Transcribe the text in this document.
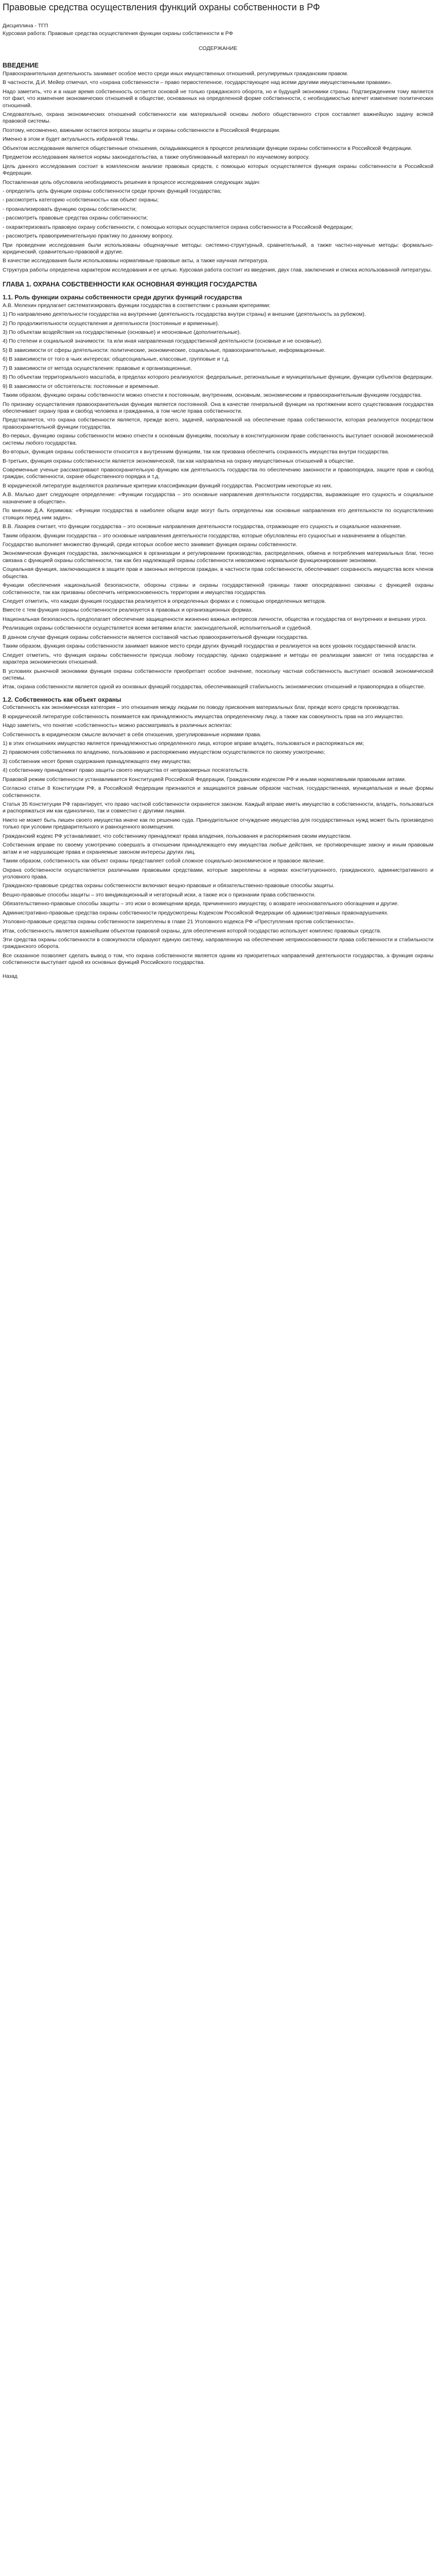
Правовые средства осуществления функций охраны собственности в РФ
Дисциплина - ТГП
Курсовая работа: Правовые средства осуществления функции охраны собственности в РФ
СОДЕРЖАНИЕ
ВВЕДЕНИЕ

Правоохранительная деятельность занимает особое место среди иных имущественных отношений, регулируемых гражданским правом.

В частности, Д.И. Мейер отмечал, что «охрана собственности – право первостепенное, государствующее над всеми другими имущественными правами».

Надо заметить, что и в наше время собственность остается основой не только гражданского оборота, но и будущей экономики страны. Подтверждением тому является тот факт, что изменение экономических отношений в обществе, основанных на определенной форме собственности, с необходимостью влечет изменение политических отношений.

Следовательно, охрана экономических отношений собственности как материальной основы любого общественного строя составляет важнейшую задачу всякой правовой системы.

Поэтому, несомненно, важными остаются вопросы защиты и охраны собственности в Российской Федерации.

Именно в этом и будет актуальность избранной темы.

Объектом исследования является общественные отношения, складывающиеся в процессе реализации функции охраны собственности в Российской Федерации.

Предметом исследования является нормы законодательства, а также опубликованный материал по изучаемому вопросу.

Цель данного исследования состоит в комплексном анализе правовых средств, с помощью которых осуществляется функция охраны собственности в Российской Федерации.

Поставленная цель обусловила необходимость решения в процессе исследования следующих задач:

- определить цель функции охраны собственности среди прочих функций государства;

- рассмотреть категорию «собственность» как объект охраны;

- проанализировать функцию охраны собственности;

- рассмотреть правовые средства охраны собственности;

- охарактеризовать правовую охрану собственности, с помощью которых осуществляется охрана собственности в Российской Федерации;

- рассмотреть правоприменительную практику по данному вопросу.

При проведении исследования были использованы общенаучные методы: системно-структурный, сравнительный, а также частно-научные методы: формально-юридический, сравнительно-правовой и другие.

В качестве исследования были использованы нормативные правовые акты, а также научная литература.

Структура работы определена характером исследования и ее целью. Курсовая работа состоит из введения, двух глав, заключения и списка использованной литературы.

ГЛАВА 1. ОХРАНА СОБСТВЕННОСТИ КАК ОСНОВНАЯ ФУНКЦИЯ ГОСУДАРСТВА
1.1. Роль функции охраны собственности среди других функций государства

А.В. Мелехин предлагает систематизировать функции государства в соответствии с разными критериями:

1) По направлению деятельности государства на внутренние (деятельность государства внутри страны) и внешние (деятельность за рубежом).

2) По продолжительности осуществления и деятельности (постоянные и временные).

3) По объектам воздействия на государственные (основные) и неосновные (дополнительные).

4) По степени и социальной значимости: та или иная направленная государственной деятельности (основные и не основные).

5) В зависимости от сферы деятельности: политические, экономические, социальные, правоохранительные, информационные.

6) В зависимости от того в чьих интересах: общесоциальные, классовые, групповые и т.д.

7) В зависимости от метода осуществления: правовые и организационные.

8) По объектам территориального масштаба, в пределах которого реализуются: федеральные, региональные и муниципальные функции, функции субъектов федерации.

9) В зависимости от обстоятельств: постоянные и временные.

Таким образом, функцию охраны собственности можно отнести к постоянным, внутренним, основным, экономическим и правоохранительным функциям государства.

По признаку осуществления правоохранительная функция является постоянной. Она в качестве генеральной функции на протяжении всего существования государства обеспечивает охрану прав и свобод человека и гражданина, в том числе права собственности.

Представляется, что охрана собственности является, прежде всего, задачей, направленной на обеспечение права собственности, которая реализуется посредством правоохранительной функции государства.

Во-первых, функцию охраны собственности можно отнести к основным функциям, поскольку в конституционном праве собственность выступает основой экономической системы любого государства.

Во-вторых, функция охраны собственности относится к внутренним функциям, так как призвана обеспечить сохранность имущества внутри государства.

В-третьих, функция охраны собственности является экономической, так как направлена на охрану имущественных отношений в обществе.

Современные ученые рассматривают правоохранительную функцию как деятельность государства по обеспечению законности и правопорядка, защите прав и свобод граждан, собственности, охране общественного порядка и т.д.

В юридической литературе выделяются различные критерии классификации функций государства. Рассмотрим некоторые из них.

А.В. Малько дает следующее определение: «Функции государства – это основные направления деятельности государства, выражающие его сущность и социальное назначение в обществе».

По мнению Д.А. Керимова: «Функции государства в наиболее общем виде могут быть определены как основные направления его деятельности по осуществлению стоящих перед ним задач».

В.В. Лазарев считает, что функции государства – это основные направления деятельности государства, отражающие его сущность и социальное назначение.

Таким образом, функции государства – это основные направления деятельности государства, которые обусловлены его сущностью и назначением в обществе.

Государство выполняет множество функций, среди которых особое место занимает функция охраны собственности.

Экономическая функция государства, заключающаяся в организации и регулировании производства, распределения, обмена и потребления материальных благ, тесно связана с функцией охраны собственности, так как без надлежащей охраны собственности невозможно нормальное функционирование экономики.

Социальная функция, заключающаяся в защите прав и законных интересов граждан, в частности прав собственности, обеспечивает сохранность имущества всех членов общества.

Функции обеспечения национальной безопасности, обороны страны и охраны государственной границы также опосредованно связаны с функцией охраны собственности, так как призваны обеспечить неприкосновенность территории и имущества государства.

Следует отметить, что каждая функция государства реализуется в определенных формах и с помощью определенных методов.

Вместе с тем функция охраны собственности реализуется в правовых и организационных формах.

Национальная безопасность предполагает обеспечение защищенности жизненно важных интересов личности, общества и государства от внутренних и внешних угроз.

Реализация охраны собственности осуществляется всеми ветвями власти: законодательной, исполнительной и судебной.

В данном случае функция охраны собственности является составной частью правоохранительной функции государства.

Таким образом, функция охраны собственности занимает важное место среди других функций государства и реализуется на всех уровнях государственной власти.

Следует отметить, что функция охраны собственности присуща любому государству, однако содержание и методы ее реализации зависят от типа государства и характера экономических отношений.

В условиях рыночной экономики функция охраны собственности приобретает особое значение, поскольку частная собственность выступает основой экономической системы.

Итак, охрана собственности является одной из основных функций государства, обеспечивающей стабильность экономических отношений и правопорядка в обществе.

1.2. Собственность как объект охраны

Собственность как экономическая категория – это отношения между людьми по поводу присвоения материальных благ, прежде всего средств производства.

В юридической литературе собственность понимается как принадлежность имущества определенному лицу, а также как совокупность прав на это имущество.

Надо заметить, что понятие «собственность» можно рассматривать в различных аспектах:

Собственность в юридическом смысле включает в себя отношения, урегулированные нормами права.

1) в этих отношениях имущество является принадлежностью определенного лица, которое вправе владеть, пользоваться и распоряжаться им;

2) правомочия собственника по владению, пользованию и распоряжению имуществом осуществляются по своему усмотрению;

3) собственник несет бремя содержания принадлежащего ему имущества;

4) собственнику принадлежит право защиты своего имущества от неправомерных посягательств.

Правовой режим собственности устанавливается Конституцией Российской Федерации, Гражданским кодексом РФ и иными нормативными правовыми актами.

Согласно статье 8 Конституции РФ, в Российской Федерации признаются и защищаются равным образом частная, государственная, муниципальная и иные формы собственности.

Статья 35 Конституции РФ гарантирует, что право частной собственности охраняется законом. Каждый вправе иметь имущество в собственности, владеть, пользоваться и распоряжаться им как единолично, так и совместно с другими лицами.

Никто не может быть лишен своего имущества иначе как по решению суда. Принудительное отчуждение имущества для государственных нужд может быть произведено только при условии предварительного и равноценного возмещения.

Гражданский кодекс РФ устанавливает, что собственнику принадлежат права владения, пользования и распоряжения своим имуществом.

Собственник вправе по своему усмотрению совершать в отношении принадлежащего ему имущества любые действия, не противоречащие закону и иным правовым актам и не нарушающие права и охраняемые законом интересы других лиц.

Таким образом, собственность как объект охраны представляет собой сложное социально-экономическое и правовое явление.

Охрана собственности осуществляется различными правовыми средствами, которые закреплены в нормах конституционного, гражданского, административного и уголовного права.

Гражданско-правовые средства охраны собственности включают вещно-правовые и обязательственно-правовые способы защиты.

Вещно-правовые способы защиты – это виндикационный и негаторный иски, а также иск о признании права собственности.

Обязательственно-правовые способы защиты – это иски о возмещении вреда, причиненного имуществу, о возврате неосновательного обогащения и другие.

Административно-правовые средства охраны собственности предусмотрены Кодексом Российской Федерации об административных правонарушениях.

Уголовно-правовые средства охраны собственности закреплены в главе 21 Уголовного кодекса РФ «Преступления против собственности».

Итак, собственность является важнейшим объектом правовой охраны, для обеспечения которой государство использует комплекс правовых средств.

Эти средства охраны собственности в совокупности образуют единую систему, направленную на обеспечение неприкосновенности права собственности и стабильности гражданского оборота.

Все сказанное позволяет сделать вывод о том, что охрана собственности является одним из приоритетных направлений деятельности государства, а функция охраны собственности выступает одной из основных функций Российского государства.

Назад
